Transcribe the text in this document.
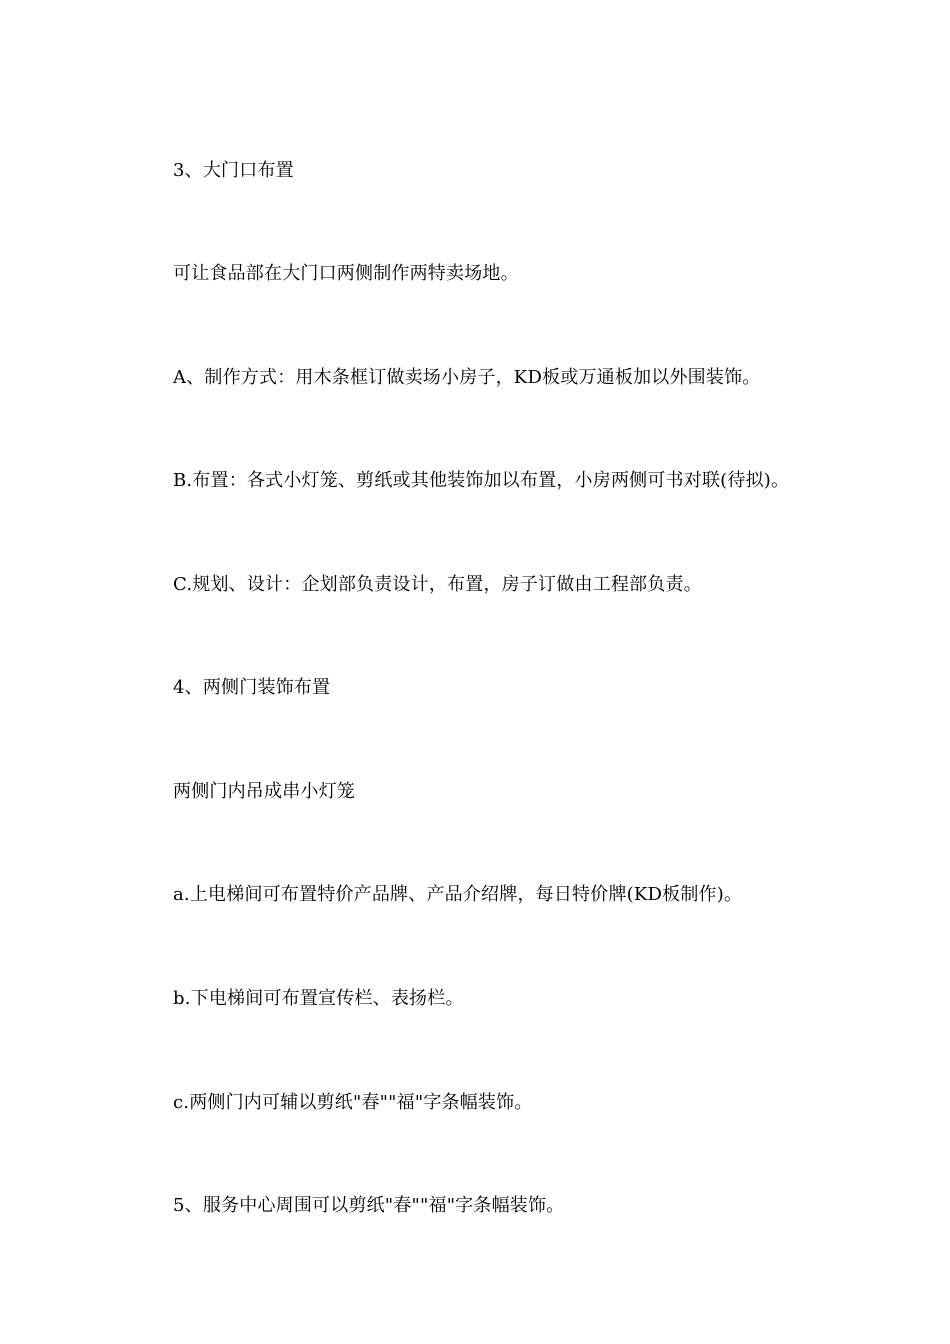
3、大门口布置

可让食品部在大门口两侧制作两特卖场地。

A、制作方式：用木条框订做卖场小房子，KD板或万通板加以外围装饰。

B.布置：各式小灯笼、剪纸或其他装饰加以布置，小房两侧可书对联(待拟)。

C.规划、设计：企划部负责设计，布置，房子订做由工程部负责。

4、两侧门装饰布置

两侧门内吊成串小灯笼

a.上电梯间可布置特价产品牌、产品介绍牌，每日特价牌(KD板制作)。

b.下电梯间可布置宣传栏、表扬栏。

c.两侧门内可辅以剪纸"春""福"字条幅装饰。

5、服务中心周围可以剪纸"春""福"字条幅装饰。
